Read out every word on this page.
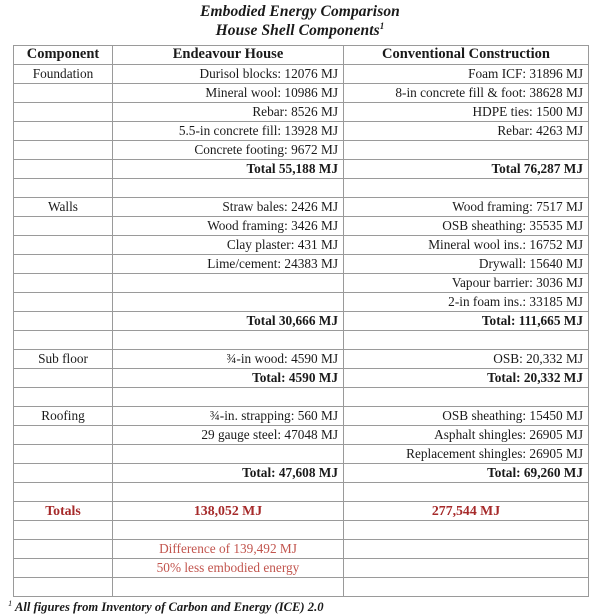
Embodied Energy Comparison
House Shell Components$^1$
Component	Endeavour House	Conventional Construction
Foundation	Durisol blocks: 12076 MJ	Foam ICF: 31896 MJ
	Mineral wool: 10986 MJ	8-in concrete fill & foot: 38628 MJ
	Rebar: 8526 MJ	HDPE ties: 1500 MJ
	5.5-in concrete fill: 13928 MJ	Rebar: 4263 MJ
	Concrete footing: 9672 MJ	
	Total 55,188 MJ	Total 76,287 MJ

Walls	Straw bales: 2426 MJ	Wood framing: 7517 MJ
	Wood framing: 3426 MJ	OSB sheathing: 35535 MJ
	Clay plaster: 431 MJ	Mineral wool ins.: 16752 MJ
	Lime/cement: 24383 MJ	Drywall: 15640 MJ
		Vapour barrier: 3036 MJ
		2-in foam ins.: 33185 MJ
	Total 30,666 MJ	Total: 111,665 MJ

Sub floor	¾-in wood: 4590 MJ	OSB: 20,332 MJ
	Total: 4590 MJ	Total: 20,332 MJ

Roofing	¾-in. strapping: 560 MJ	OSB sheathing: 15450 MJ
	29 gauge steel: 47048 MJ	Asphalt shingles: 26905 MJ
		Replacement shingles: 26905 MJ
	Total: 47,608 MJ	Total: 69,260 MJ

Totals	138,052 MJ	277,544 MJ

	Difference of 139,492 MJ	
	50% less embodied energy	

$^1$ All figures from Inventory of Carbon and Energy (ICE) 2.0
